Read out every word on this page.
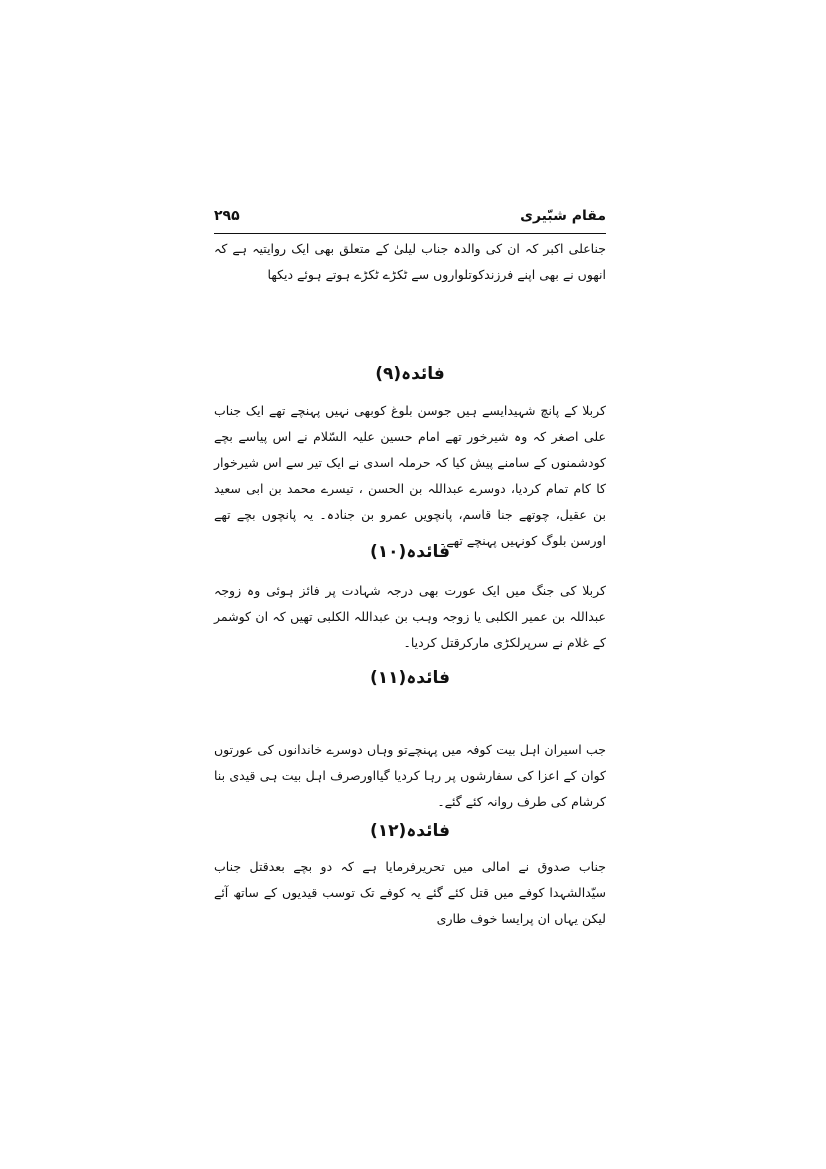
مقام شبّیری
۲۹۵

جناعلی اکبر کہ ان کی والدہ جناب لیلیٰ کے متعلق بھی ایک روایتیہ ہے کہ انھوں نے بھی اپنے فرزندکوتلواروں سے ٹکڑے ٹکڑے ہوتے ہوئے دیکھا

فائدہ(۹)

کربلا کے پانچ شہیدایسے ہیں جوسن بلوغ کوبھی نہیں پہنچے تھے ایک جناب علی اصغر کہ وہ شیرخور تھے امام حسین علیہ السّلام نے اس پیاسے بچے کودشمنوں کے سامنے پیش کیا کہ حرملہ اسدی نے ایک تیر سے اس شیرخوار کا کام تمام کردیا، دوسرے عبداللہ بن الحسن ، تیسرے محمد بن ابی سعید بن عقیل، چوتھے جنا قاسم، پانچویں عمرو بن جنادہ۔ یہ پانچوں بچے تھے اورسن بلوگ کونہیں پہنچے تھے۔

فائدہ(۱۰)

کربلا کی جنگ میں ایک عورت بھی درجہ شہادت پر فائز ہوئی وہ زوجہ عبداللہ بن عمیر الکلبی یا زوجہ وہب بن عبداللہ الکلبی تھیں کہ ان کوشمر کے غلام نے سرپرلکڑی مارکرقتل کردیا۔

فائدہ(۱۱)

جب اسیران اہل بیت کوفہ میں پہنچےتو وہاں دوسرے خاندانوں کی عورتوں کوان کے اعزا کی سفارشوں پر رہا کردیا گیااورصرف اہل بیت ہی قیدی بنا کرشام کی طرف روانہ کئے گئے۔

فائدہ(۱۲)

جناب صدوق نے امالی میں تحریرفرمایا ہے کہ دو بچے بعدقتل جناب سیّدالشہدا کوفے میں قتل کئے گئے یہ کوفے تک توسب قیدیوں کے ساتھ آئے لیکن یہاں ان پرایسا خوف طاری
